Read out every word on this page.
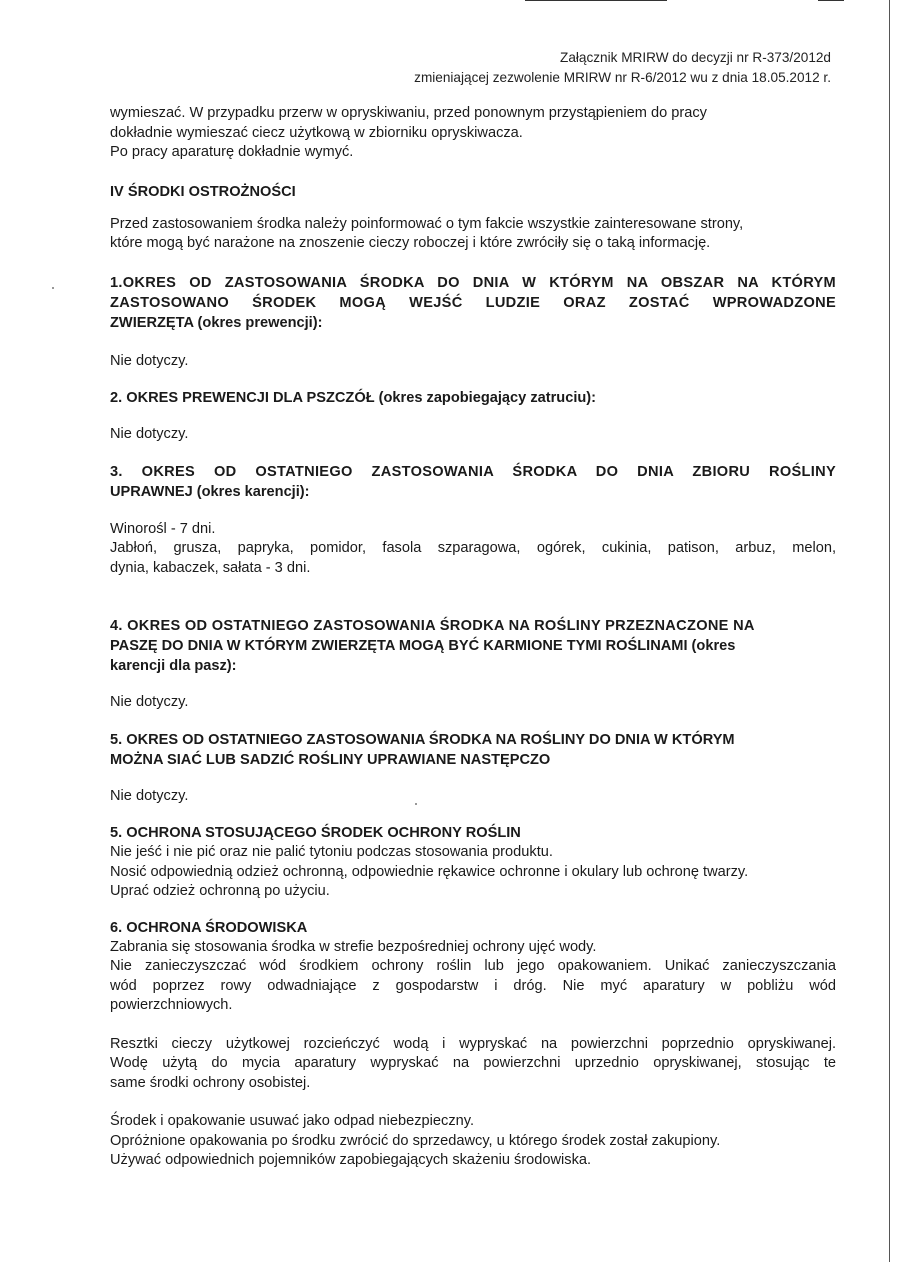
Załącznik MRIRW do decyzji nr R-373/2012d
zmieniającej zezwolenie MRIRW nr R-6/2012 wu z dnia 18.05.2012 r.

wymieszać. W przypadku przerw w opryskiwaniu, przed ponownym przystąpieniem do pracy

dokładnie wymieszać ciecz użytkową w zbiorniku opryskiwacza.

Po pracy aparaturę dokładnie wymyć.

IV ŚRODKI OSTROŻNOŚCI

Przed zastosowaniem środka należy poinformować o tym fakcie wszystkie zainteresowane strony,

które mogą być narażone na znoszenie cieczy roboczej i które zwróciły się o taką informację.

1.OKRES OD ZASTOSOWANIA ŚRODKA DO DNIA W KTÓRYM NA OBSZAR NA KTÓRYM

ZASTOSOWANO ŚRODEK MOGĄ WEJŚĆ LUDZIE ORAZ ZOSTAĆ WPROWADZONE

ZWIERZĘTA (okres prewencji):

Nie dotyczy.

2. OKRES PREWENCJI DLA PSZCZÓŁ (okres zapobiegający zatruciu):

Nie dotyczy.

3. OKRES OD OSTATNIEGO ZASTOSOWANIA ŚRODKA DO DNIA ZBIORU ROŚLINY

UPRAWNEJ (okres karencji):

Winorośl - 7 dni.

Jabłoń, grusza, papryka, pomidor, fasola szparagowa, ogórek, cukinia, patison, arbuz, melon,

dynia, kabaczek, sałata - 3 dni.

4. OKRES OD OSTATNIEGO ZASTOSOWANIA ŚRODKA NA ROŚLINY PRZEZNACZONE NA

PASZĘ DO DNIA W KTÓRYM ZWIERZĘTA MOGĄ BYĆ KARMIONE TYMI ROŚLINAMI (okres

karencji dla pasz):

Nie dotyczy.

5. OKRES OD OSTATNIEGO ZASTOSOWANIA ŚRODKA NA ROŚLINY DO DNIA W KTÓRYM

MOŻNA SIAĆ LUB SADZIĆ ROŚLINY UPRAWIANE NASTĘPCZO

Nie dotyczy.

5. OCHRONA STOSUJĄCEGO ŚRODEK OCHRONY ROŚLIN

Nie jeść i nie pić oraz nie palić tytoniu podczas stosowania produktu.

Nosić odpowiednią odzież ochronną, odpowiednie rękawice ochronne i okulary lub ochronę twarzy.

Uprać odzież ochronną po użyciu.

6. OCHRONA ŚRODOWISKA

Zabrania się stosowania środka w strefie bezpośredniej ochrony ujęć wody.

Nie zanieczyszczać wód środkiem ochrony roślin lub jego opakowaniem. Unikać zanieczyszczania

wód poprzez rowy odwadniające z gospodarstw i dróg. Nie myć aparatury w pobliżu wód

powierzchniowych.

Resztki cieczy użytkowej rozcieńczyć wodą i wypryskać na powierzchni poprzednio opryskiwanej.

Wodę użytą do mycia aparatury wypryskać na powierzchni uprzednio opryskiwanej, stosując te

same środki ochrony osobistej.

Środek i opakowanie usuwać jako odpad niebezpieczny.

Opróżnione opakowania po środku zwrócić do sprzedawcy, u którego środek został zakupiony.

Używać odpowiednich pojemników zapobiegających skażeniu środowiska.
